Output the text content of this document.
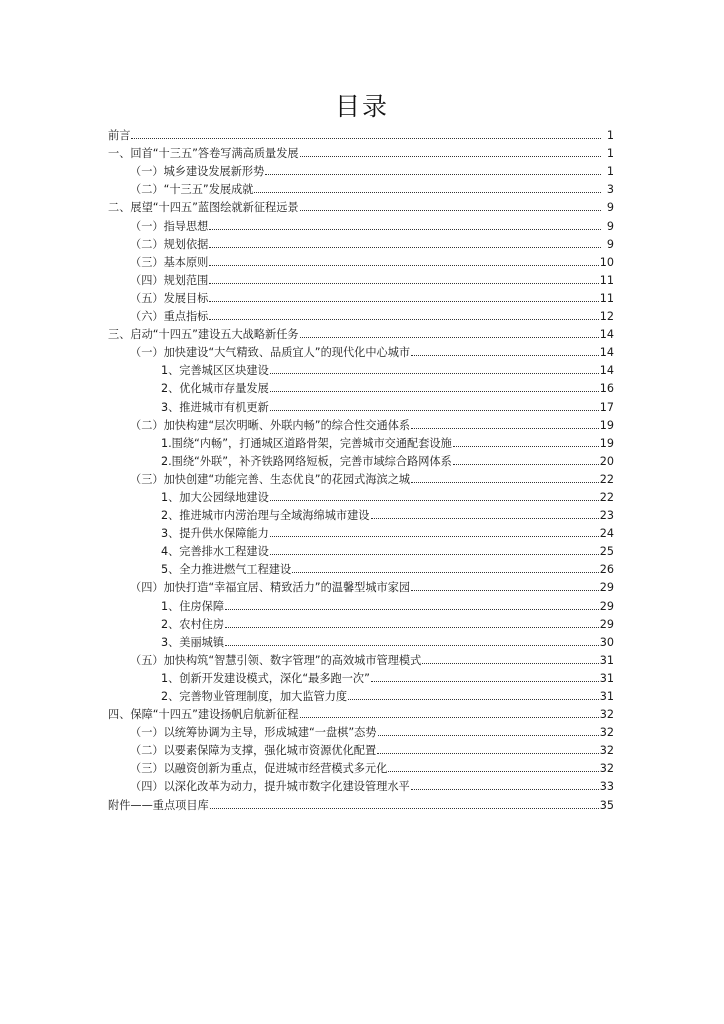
目录
前言	1
一、回首“十三五”答卷写满高质量发展	1
（一）城乡建设发展新形势	1
（二）“十三五”发展成就	3
二、展望“十四五”蓝图绘就新征程远景	9
（一）指导思想	9
（二）规划依据	9
（三）基本原则	10
（四）规划范围	11
（五）发展目标	11
（六）重点指标	12
三、启动“十四五”建设五大战略新任务	14
（一）加快建设“大气精致、品质宜人”的现代化中心城市	14
1、完善城区区块建设	14
2、优化城市存量发展	16
3、推进城市有机更新	17
（二）加快构建“层次明晰、外联内畅”的综合性交通体系	19
1.围绕“内畅”，打通城区道路骨架，完善城市交通配套设施	19
2.围绕“外联”，补齐铁路网络短板，完善市域综合路网体系	20
（三）加快创建“功能完善、生态优良”的花园式海滨之城	22
1、加大公园绿地建设	22
2、推进城市内涝治理与全域海绵城市建设	23
3、提升供水保障能力	24
4、完善排水工程建设	25
5、全力推进燃气工程建设	26
（四）加快打造“幸福宜居、精致活力”的温馨型城市家园	29
1、住房保障	29
2、农村住房	29
3、美丽城镇	30
（五）加快构筑“智慧引领、数字管理”的高效城市管理模式	31
1、创新开发建设模式，深化“最多跑一次”	31
2、完善物业管理制度，加大监管力度	31
四、保障“十四五”建设扬帆启航新征程	32
（一）以统筹协调为主导，形成城建“一盘棋”态势	32
（二）以要素保障为支撑，强化城市资源优化配置	32
（三）以融资创新为重点，促进城市经营模式多元化	32
（四）以深化改革为动力，提升城市数字化建设管理水平	33
附件——重点项目库	35
